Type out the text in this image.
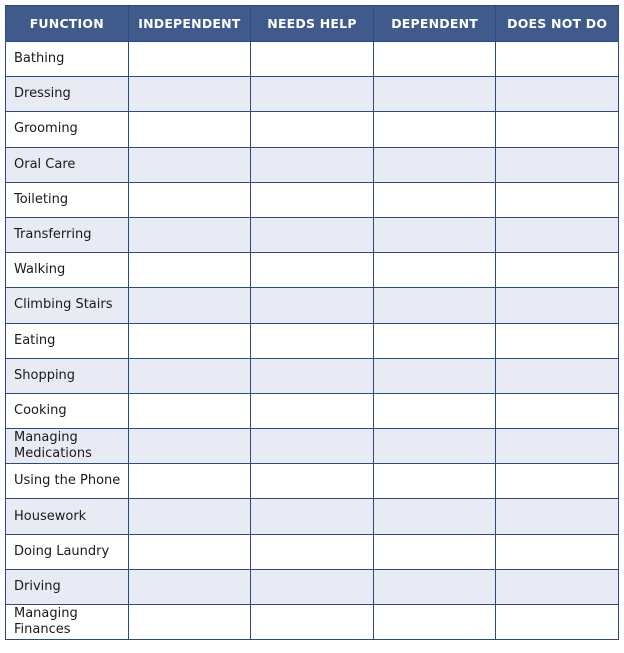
FUNCTION	INDEPENDENT	NEEDS HELP	DEPENDENT	DOES NOT DO
Bathing				
Dressing				
Grooming				
Oral Care				
Toileting				
Transferring				
Walking				
Climbing Stairs				
Eating				
Shopping				
Cooking				
Managing Medications				
Using the Phone				
Housework				
Doing Laundry				
Driving				
Managing Finances				
